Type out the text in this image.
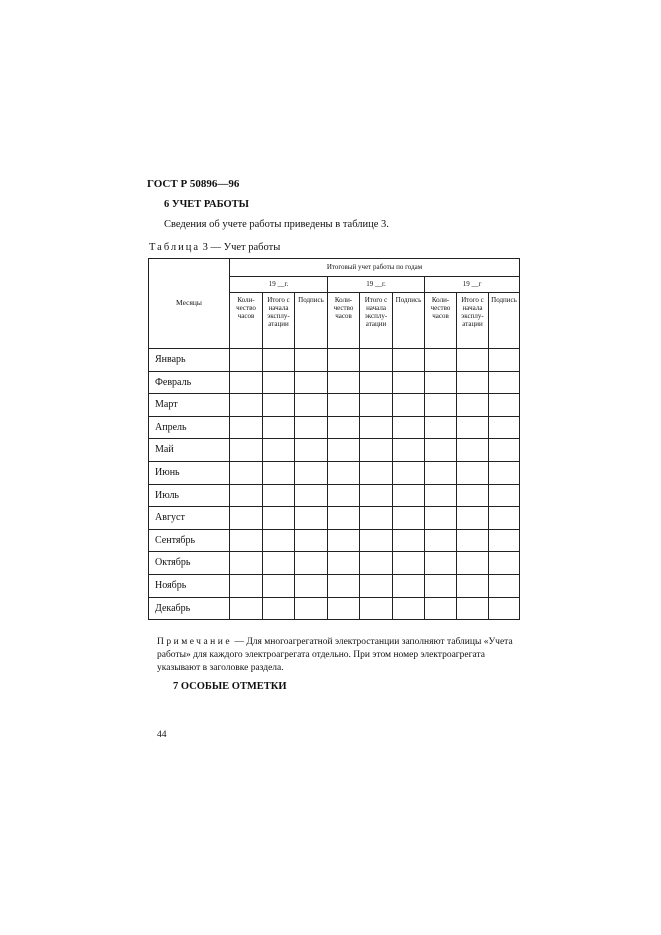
ГОСТ Р 50896—96
6 УЧЕТ РАБОТЫ
Сведения об учете работы приведены в таблице 3.
Таблица 3 — Учет работы
Месяцы	Итоговый учет работы по годам								
	19 __г.			19 __г.			19 __г		
	Коли-чество часов	Итого с начала эксплу-атации	Подпись	Коли-чество часов	Итого с начала эксплу-атации	Подпись	Коли-чество часов	Итого с начала эксплу-атации	Подпись
Январь									
Февраль									
Март									
Апрель									
Май									
Июнь									
Июль									
Август									
Сентябрь									
Октябрь									
Ноябрь									
Декабрь									
Примечание — Для многоагрегатной электростанции заполняют таблицы «Учета работы» для каждого электроагрегата отдельно. При этом номер электроагрегата указывают в заголовке раздела.
7 ОСОБЫЕ ОТМЕТКИ
44
